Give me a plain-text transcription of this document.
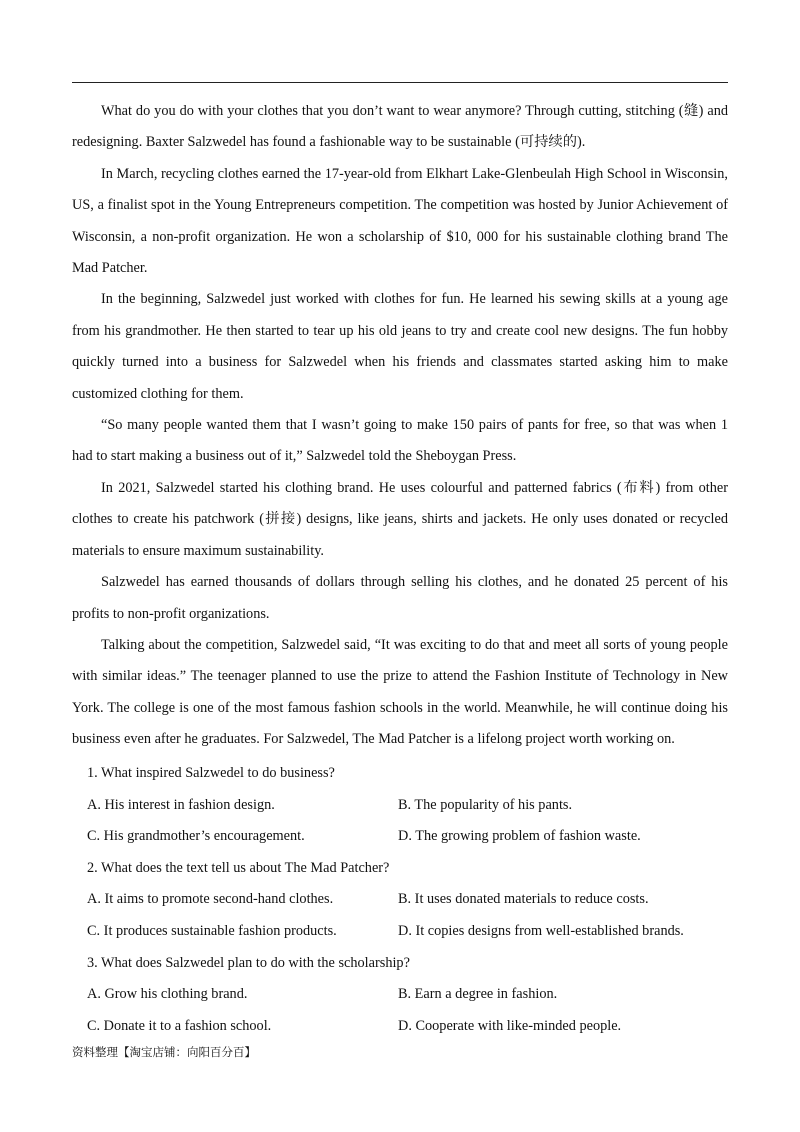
What do you do with your clothes that you don’t want to wear anymore? Through cutting, stitching (缝) and redesigning. Baxter Salzwedel has found a fashionable way to be sustainable (可持续的).

In March, recycling clothes earned the 17-year-old from Elkhart Lake-Glenbeulah High School in Wisconsin, US, a finalist spot in the Young Entrepreneurs competition. The competition was hosted by Junior Achievement of Wisconsin, a non-profit organization. He won a scholarship of $10, 000 for his sustainable clothing brand The Mad Patcher.

In the beginning, Salzwedel just worked with clothes for fun. He learned his sewing skills at a young age from his grandmother. He then started to tear up his old jeans to try and create cool new designs. The fun hobby quickly turned into a business for Salzwedel when his friends and classmates started asking him to make customized clothing for them.

“So many people wanted them that I wasn’t going to make 150 pairs of pants for free, so that was when 1 had to start making a business out of it,” Salzwedel told the Sheboygan Press.

In 2021, Salzwedel started his clothing brand. He uses colourful and patterned fabrics (布料) from other clothes to create his patchwork (拼接) designs, like jeans, shirts and jackets. He only uses donated or recycled materials to ensure maximum sustainability.

Salzwedel has earned thousands of dollars through selling his clothes, and he donated 25 percent of his profits to non-profit organizations.

Talking about the competition, Salzwedel said, “It was exciting to do that and meet all sorts of young people with similar ideas.” The teenager planned to use the prize to attend the Fashion Institute of Technology in New York. The college is one of the most famous fashion schools in the world. Meanwhile, he will continue doing his business even after he graduates. For Salzwedel, The Mad Patcher is a lifelong project worth working on.

1. What inspired Salzwedel to do business?

A. His interest in fashion design.	B. The popularity of his pants.
C. His grandmother’s encouragement.	D. The growing problem of fashion waste.

2. What does the text tell us about The Mad Patcher?

A. It aims to promote second-hand clothes.	B. It uses donated materials to reduce costs.
C. It produces sustainable fashion products.	D. It copies designs from well-established brands.

3. What does Salzwedel plan to do with the scholarship?

A. Grow his clothing brand.	B. Earn a degree in fashion.
C. Donate it to a fashion school.	D. Cooperate with like-minded people.
资料整理【淘宝店铺：向阳百分百】
